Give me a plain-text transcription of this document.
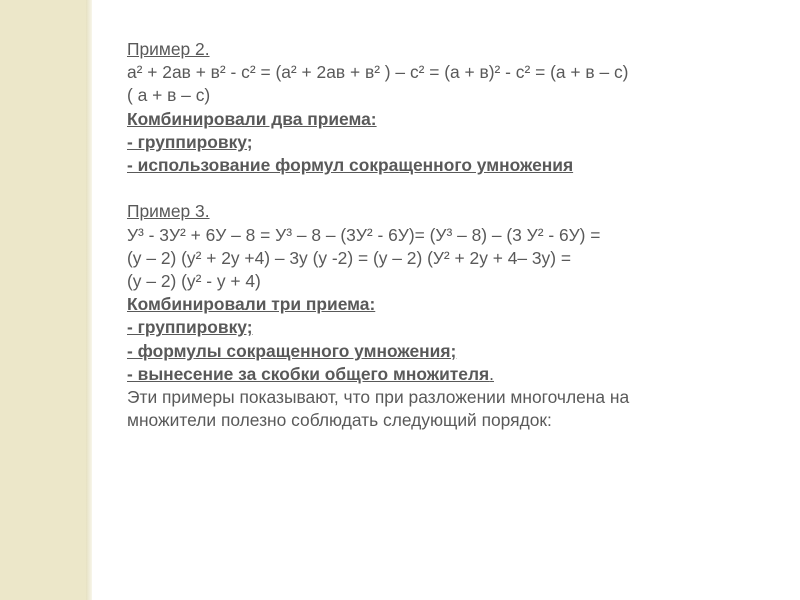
Пример 2.
а² + 2ав + в² - с² = (а² + 2ав + в² ) – с² = (а + в)² - с² = (а + в – с)
( а + в – с)
Комбинировали два приема:
- группировку;
- использование формул сокращенного умножения
Пример 3.
У³ - 3У² + 6У – 8 = У³ – 8 – (3У² - 6У)= (У³ – 8) – (3 У² - 6У) =
(у – 2) (у² + 2у +4) – 3у (у -2) = (у – 2) (У² + 2у + 4– 3у) =
(у – 2) (у² - у + 4)
Комбинировали три приема:
- группировку;
- формулы сокращенного умножения;
- вынесение за скобки общего множителя.
Эти примеры показывают, что при разложении многочлена на
множители полезно соблюдать следующий порядок:
